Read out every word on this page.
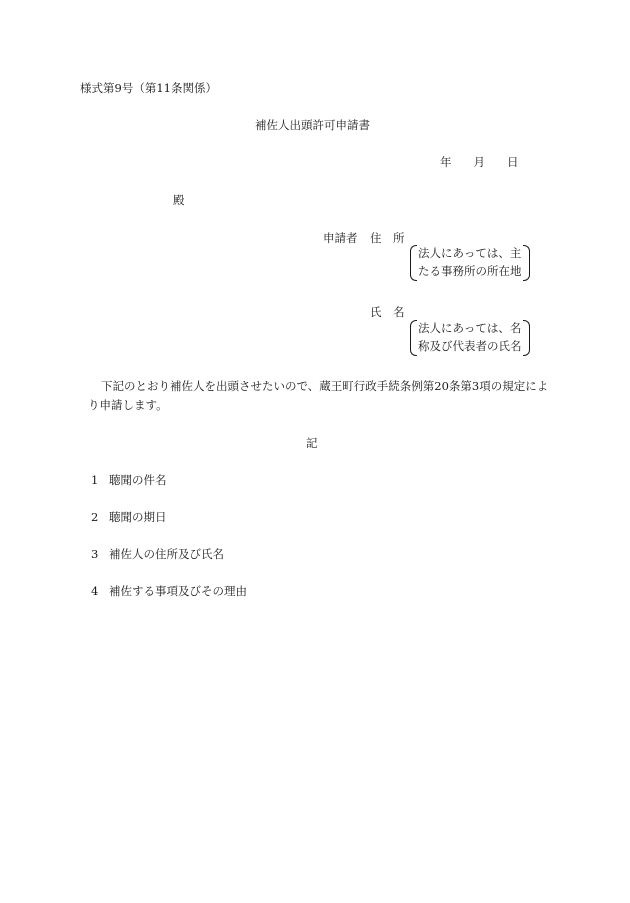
様式第9号（第11条関係）
補佐人出頭許可申請書
年 月 日
殿
申請者 住　所
法人にあっては、主
たる事務所の所在地
氏　名
法人にあっては、名
称及び代表者の氏名
下記のとおり補佐人を出頭させたいので、蔵王町行政手続条例第20条第3項の規定によ
り申請します。
記
1 聴聞の件名
2 聴聞の期日
3 補佐人の住所及び氏名
4 補佐する事項及びその理由
